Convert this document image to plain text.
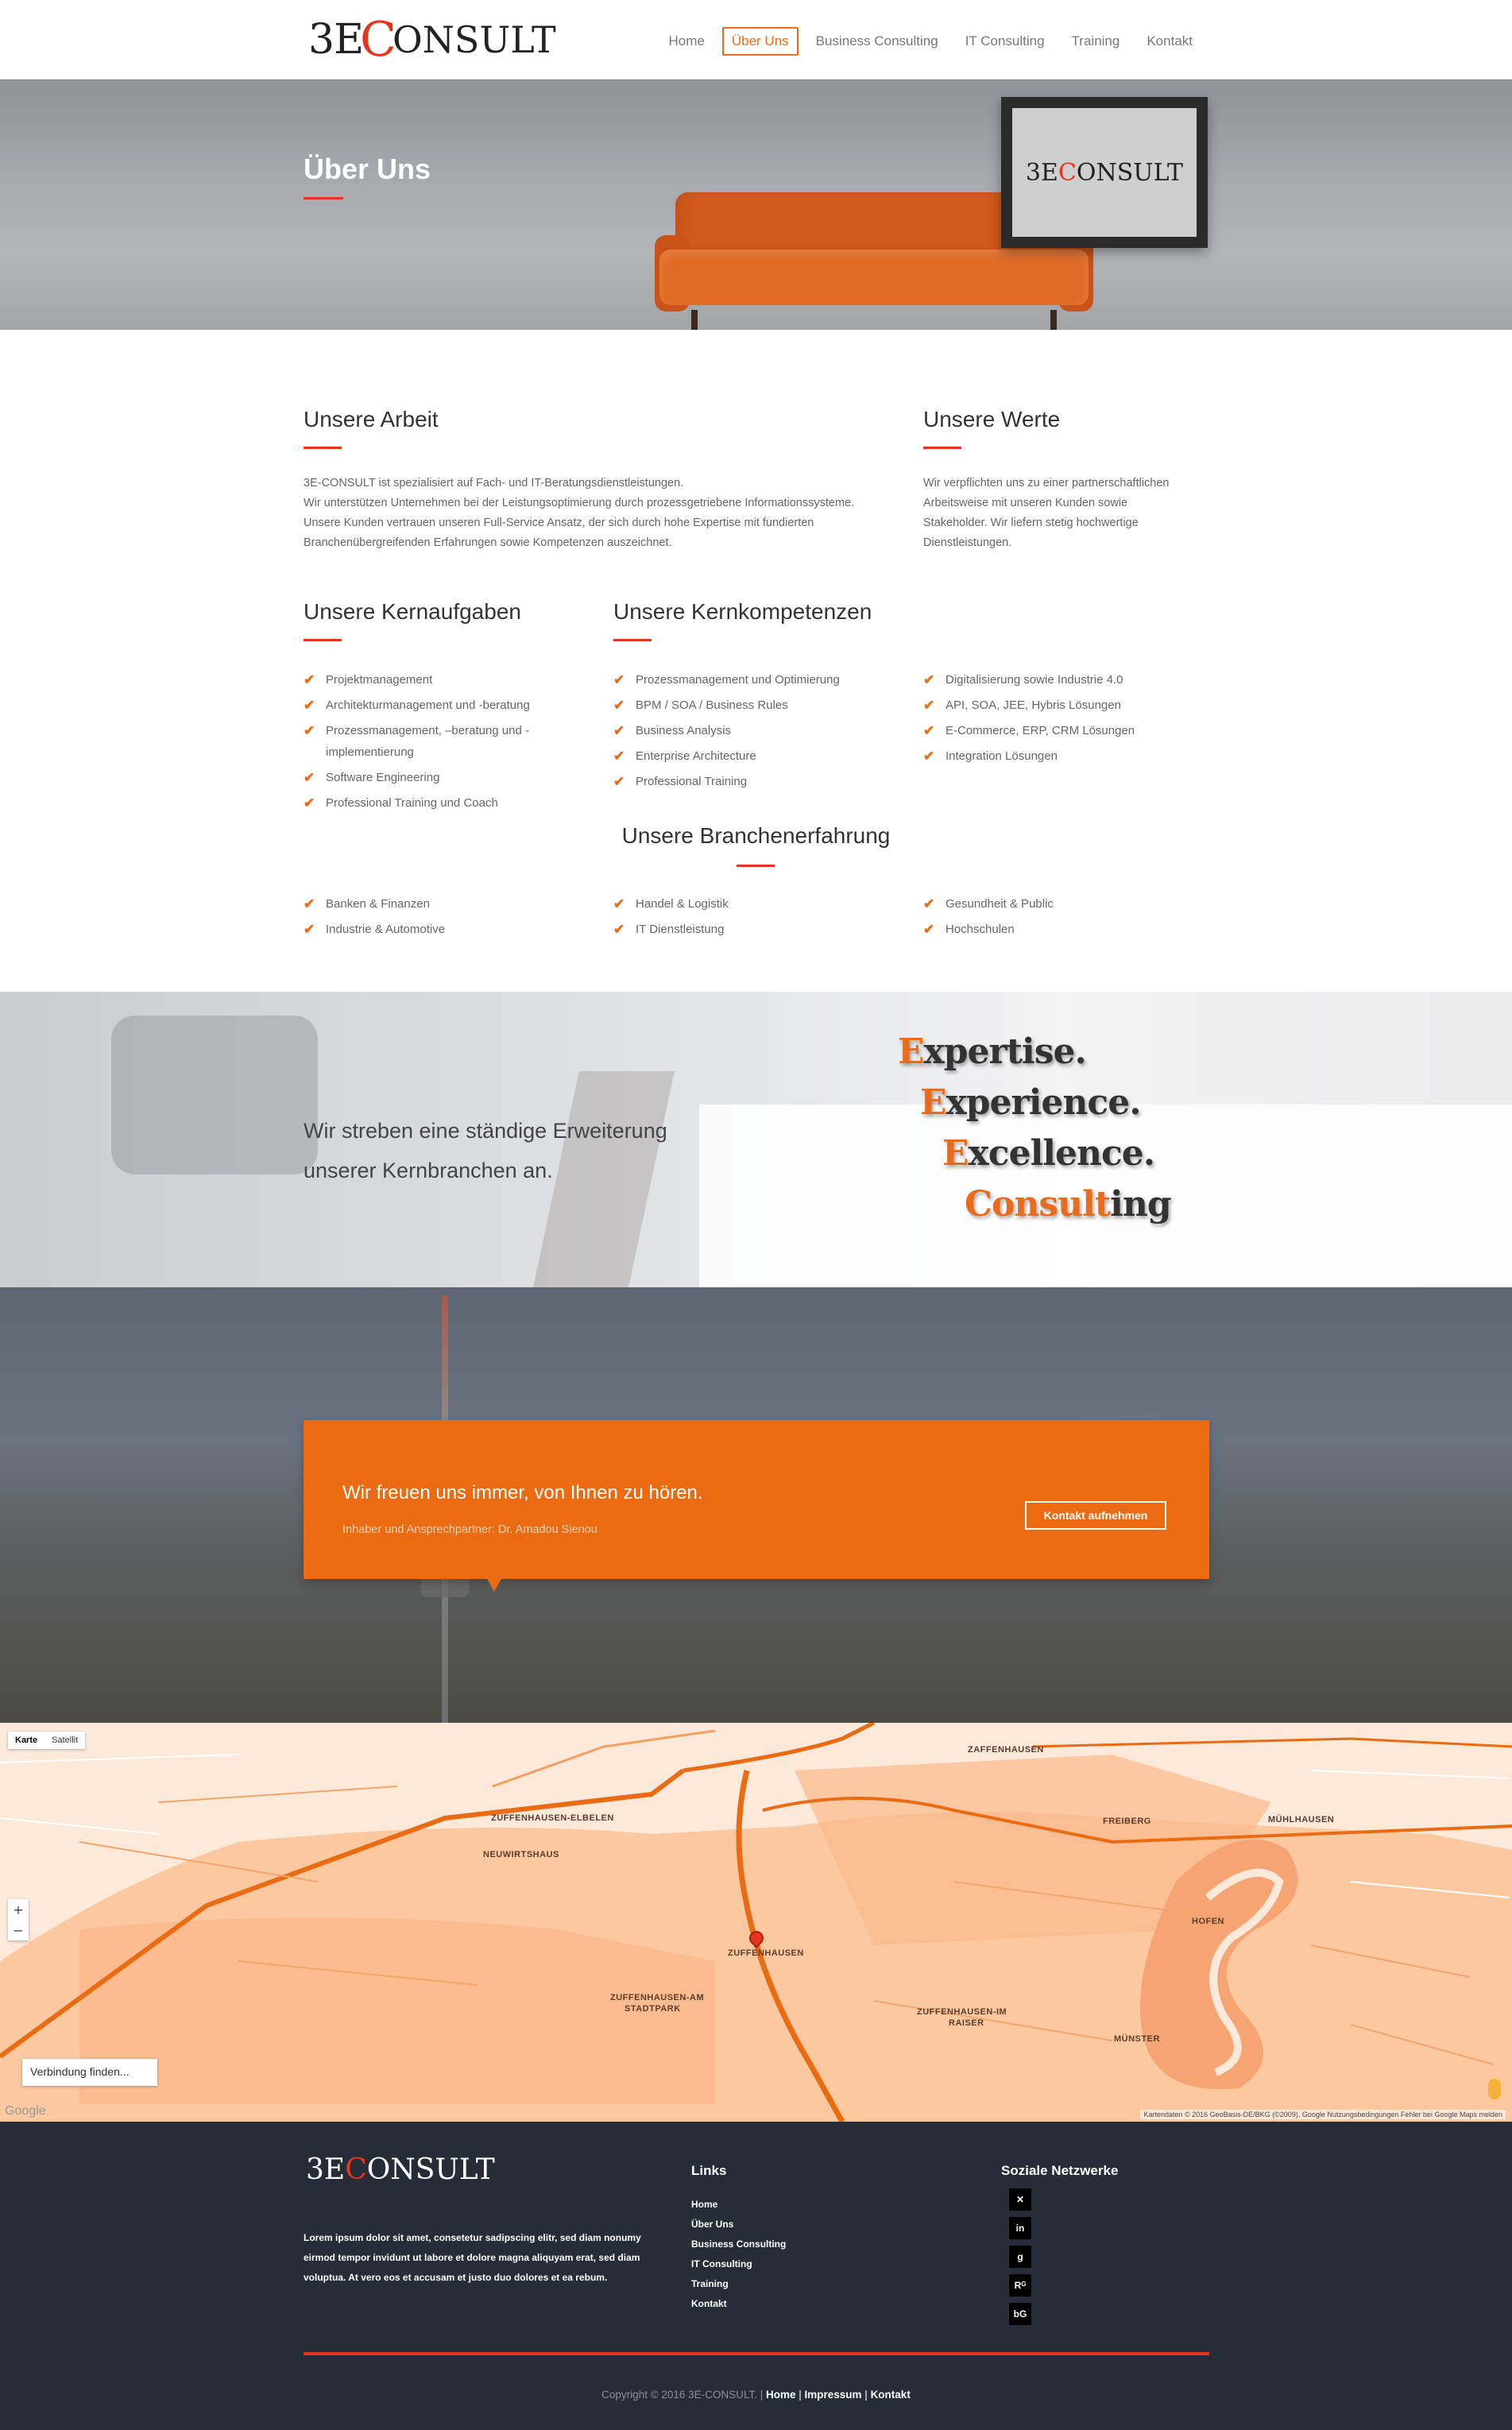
3E
C
ONSULT	Home	Über Uns	Business Consulting	IT Consulting	Training	Kontakt
Über Uns	3E C ONSULT
Unsere Arbeit
3E-CONSULT ist spezialisiert auf Fach- und IT-Beratungsdienstleistungen.
Wir unterstützen Unternehmen bei der Leistungsoptimierung durch prozessgetriebene Informationssysteme.
Unsere Kunden vertrauen unseren Full-Service Ansatz, der sich durch hohe Expertise mit fundierten
Branchenübergreifenden Erfahrungen sowie Kompetenzen auszeichnet.
Unsere Werte
Wir verpflichten uns zu einer partnerschaftlichen
Arbeitsweise mit unseren Kunden sowie
Stakeholder. Wir liefern stetig hochwertige
Dienstleistungen.
Unsere Kernaufgaben
✔ Projektmanagement
✔ Architekturmanagement und -beratung
✔ Prozessmanagement, –beratung und -implementierung
✔ Software Engineering
✔ Professional Training und Coach
Unsere Kernkompetenzen
✔ Prozessmanagement und Optimierung
✔ BPM / SOA / Business Rules
✔ Business Analysis
✔ Enterprise Architecture
✔ Professional Training
✔ Digitalisierung sowie Industrie 4.0
✔ API, SOA, JEE, Hybris Lösungen
✔ E-Commerce, ERP, CRM Lösungen
✔ Integration Lösungen
Unsere Branchenerfahrung
✔ Banken & Finanzen
✔ Industrie & Automotive
✔ Handel & Logistik
✔ IT Dienstleistung
✔ Gesundheit & Public
✔ Hochschulen
Wir streben eine ständige Erweiterung
unserer Kernbranchen an.
Expertise.
Experience.
Excellence.
Consulting
Wir freuen uns immer, von Ihnen zu hören.
Inhaber und Ansprechpartner: Dr. Amadou Sienou
Kontakt aufnehmen
Karte	Satellit
+
−
ZAFFENHAUSEN
ZUFFENHAUSEN-ELBELEN
NEUWIRTSHAUS
FREIBERG	MÜHLHAUSEN
ZUFFENHAUSEN
HOFEN
ZUFFENHAUSEN-AM
STADTPARK	ZUFFENHAUSEN-IM
RAISER
MÜNSTER
Verbindung finden...
Google	Kartendaten © 2016 GeoBasis-DE/BKG (©2009), Google Nutzungsbedingungen Fehler bei Google Maps melden
3ECONSULT
Lorem ipsum dolor sit amet, consetetur sadipscing elitr, sed diam nonumy eirmod tempor invidunt ut labore et dolore magna aliquyam erat, sed diam voluptua. At vero eos et accusam et justo duo dolores et ea rebum.
Links
Home
Über Uns
Business Consulting
IT Consulting
Training
Kontakt
Soziale Netzwerke
✕
in
g
Rᴳ
bG
Copyright © 2016 3E-CONSULT. | Home | Impressum | Kontakt
